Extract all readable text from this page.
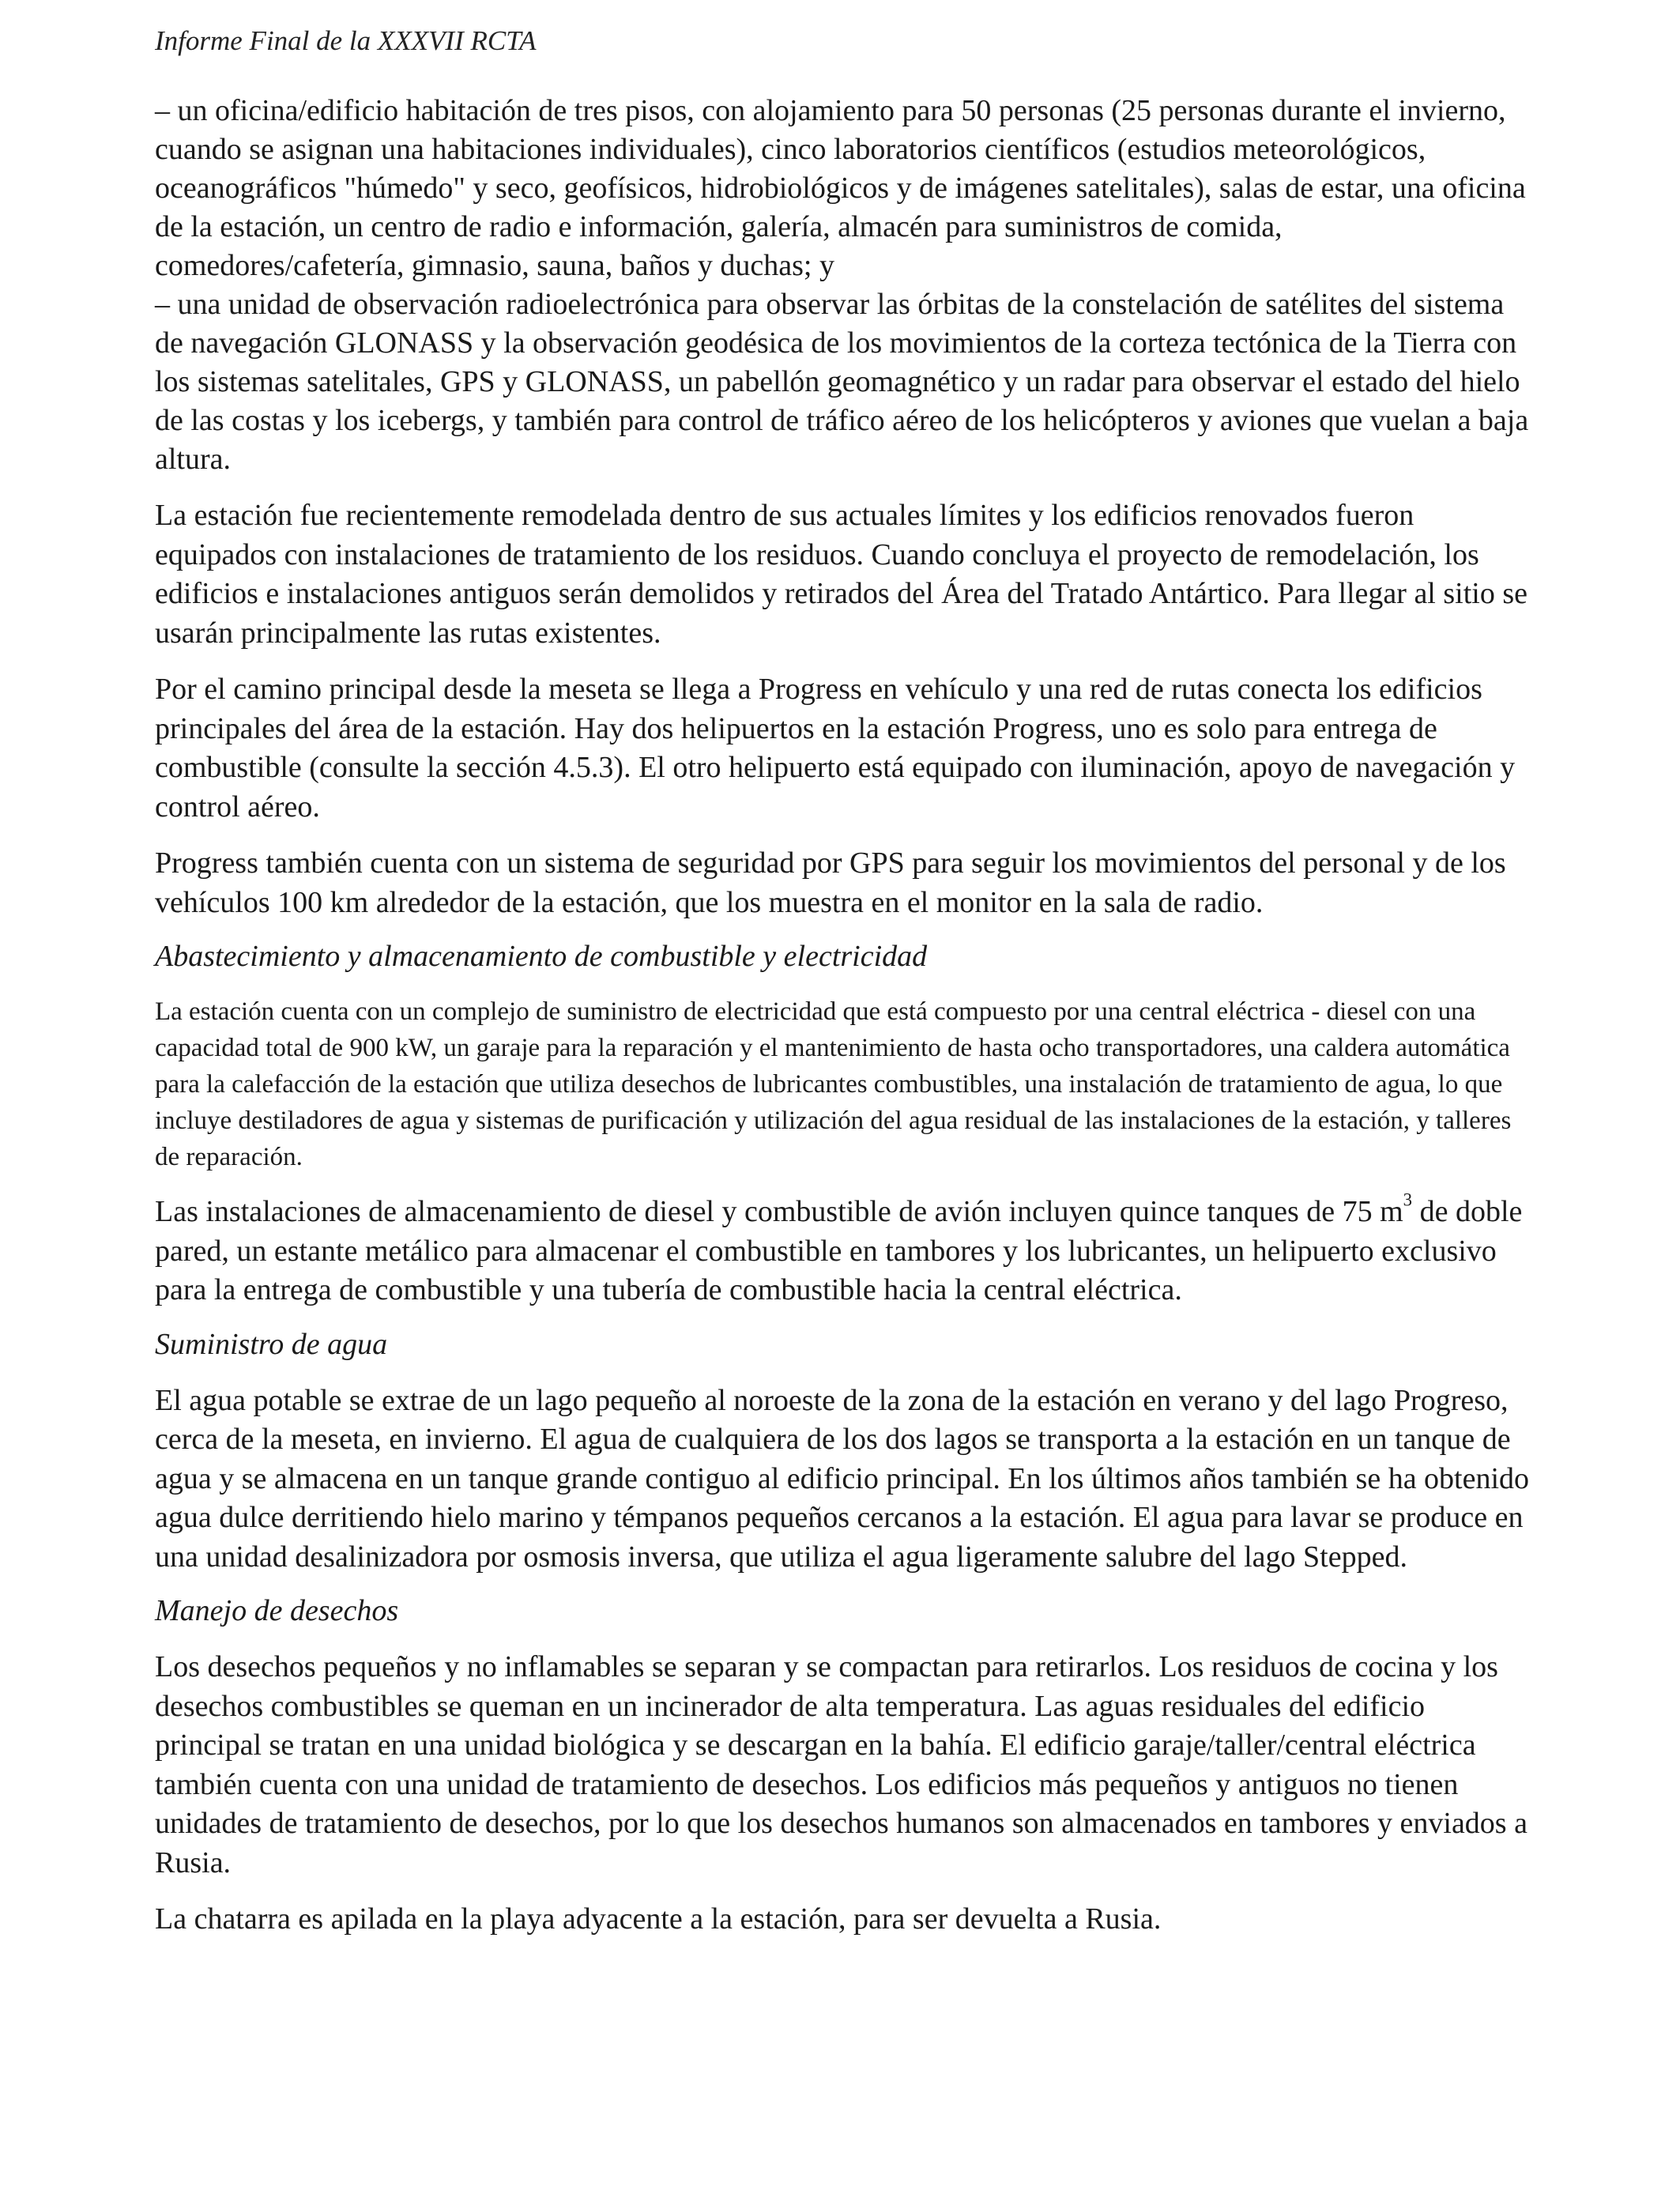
Informe Final de la XXXVII RCTA

– un oficina/edificio habitación de tres pisos, con alojamiento para 50 personas (25 personas durante el invierno, cuando se asignan una habitaciones individuales), cinco laboratorios científicos (estudios meteorológicos, oceanográficos "húmedo" y seco, geofísicos, hidrobiológicos y de imágenes satelitales), salas de estar, una oficina de la estación, un centro de radio e información, galería, almacén para suministros de comida, comedores/cafetería, gimnasio, sauna, baños y duchas; y

– una unidad de observación radioelectrónica para observar las órbitas de la constelación de satélites del sistema de navegación GLONASS y la observación geodésica de los movimientos de la corteza tectónica de la Tierra con los sistemas satelitales, GPS y GLONASS, un pabellón geomagnético y un radar para observar el estado del hielo de las costas y los icebergs, y también para control de tráfico aéreo de los helicópteros y aviones que vuelan a baja altura.

La estación fue recientemente remodelada dentro de sus actuales límites y los edificios renovados fueron equipados con instalaciones de tratamiento de los residuos. Cuando concluya el proyecto de remodelación, los edificios e instalaciones antiguos serán demolidos y retirados del Área del Tratado Antártico. Para llegar al sitio se usarán principalmente las rutas existentes.

Por el camino principal desde la meseta se llega a Progress en vehículo y una red de rutas conecta los edificios principales del área de la estación. Hay dos helipuertos en la estación Progress, uno es solo para entrega de combustible (consulte la sección 4.5.3). El otro helipuerto está equipado con iluminación, apoyo de navegación y control aéreo.

Progress también cuenta con un sistema de seguridad por GPS para seguir los movimientos del personal y de los vehículos 100 km alrededor de la estación, que los muestra en el monitor en la sala de radio.

Abastecimiento y almacenamiento de combustible y electricidad

La estación cuenta con un complejo de suministro de electricidad que está compuesto por una central eléctrica - diesel con una capacidad total de 900 kW, un garaje para la reparación y el mantenimiento de hasta ocho transportadores, una caldera automática para la calefacción de la estación que utiliza desechos de lubricantes combustibles, una instalación de tratamiento de agua, lo que incluye destiladores de agua y sistemas de purificación y utilización del agua residual de las instalaciones de la estación, y talleres de reparación.

Las instalaciones de almacenamiento de diesel y combustible de avión incluyen quince tanques de 75 $m^3$ de doble pared, un estante metálico para almacenar el combustible en tambores y los lubricantes, un helipuerto exclusivo para la entrega de combustible y una tubería de combustible hacia la central eléctrica.

Suministro de agua

El agua potable se extrae de un lago pequeño al noroeste de la zona de la estación en verano y del lago Progreso, cerca de la meseta, en invierno. El agua de cualquiera de los dos lagos se transporta a la estación en un tanque de agua y se almacena en un tanque grande contiguo al edificio principal. En los últimos años también se ha obtenido agua dulce derritiendo hielo marino y témpanos pequeños cercanos a la estación. El agua para lavar se produce en una unidad desalinizadora por osmosis inversa, que utiliza el agua ligeramente salubre del lago Stepped.

Manejo de desechos

Los desechos pequeños y no inflamables se separan y se compactan para retirarlos. Los residuos de cocina y los desechos combustibles se queman en un incinerador de alta temperatura. Las aguas residuales del edificio principal se tratan en una unidad biológica y se descargan en la bahía. El edificio garaje/taller/central eléctrica también cuenta con una unidad de tratamiento de desechos. Los edificios más pequeños y antiguos no tienen unidades de tratamiento de desechos, por lo que los desechos humanos son almacenados en tambores y enviados a Rusia.

La chatarra es apilada en la playa adyacente a la estación, para ser devuelta a Rusia.
